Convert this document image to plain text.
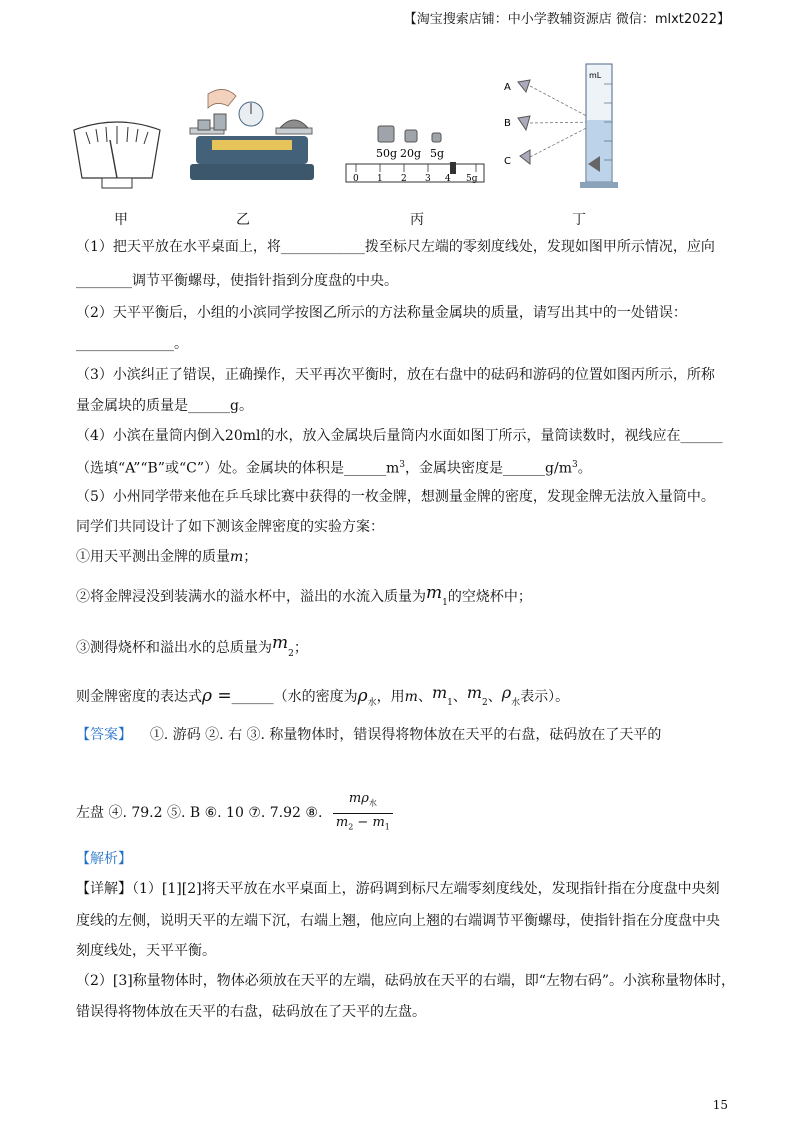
【淘宝搜索店铺：中小学教辅资源店 微信：mlxt2022】
50g 20g 5g
0 1 2 3 4 5g
A
B
C
mL
甲	乙	丙	丁
（1）把天平放在水平桌面上，将____________拨至标尺左端的零刻度线处，发现如图甲所示情况，应向
________调节平衡螺母，使指针指到分度盘的中央。
（2）天平平衡后，小组的小滨同学按图乙所示的方法称量金属块的质量，请写出其中的一处错误：
______________。
（3）小滨纠正了错误，正确操作，天平再次平衡时，放在右盘中的砝码和游码的位置如图丙所示，所称
量金属块的质量是______g。
（4）小滨在量筒内倒入20ml的水，放入金属块后量筒内水面如图丁所示，量筒读数时，视线应在______
（选填“A”“B”或“C”）处。金属块的体积是$\_\_\_\_\_\_m^3$，金属块密度是$\_\_\_\_\_\_g/m^3$。
（5）小州同学带来他在乒乓球比赛中获得的一枚金牌，想测量金牌的密度，发现金牌无法放入量筒中。
同学们共同设计了如下测该金牌密度的实验方案：
①用天平测出金牌的质量m；
②将金牌浸没到装满水的溢水杯中，溢出的水流入质量为$m_1$的空烧杯中；
③测得烧杯和溢出水的总质量为$m_2$；
则金牌密度的表达式ρ =______（水的密度为$\rho_水$，用m、$m_1$、$m_2$、$\rho_水$表示）。
【答案】 ①. 游码 ②. 右 ③. 称量物体时，错误得将物体放在天平的右盘，砝码放在了天平的
左盘 ④. 79.2 ⑤. B ⑥. 10 ⑦. 7.92 ⑧. $\frac{m\rho_水}{m_2 - m_1}$
【解析】
【详解】（1）[1][2]将天平放在水平桌面上，游码调到标尺左端零刻度线处，发现指针指在分度盘中央刻
度线的左侧，说明天平的左端下沉，右端上翘，他应向上翘的右端调节平衡螺母，使指针指在分度盘中央
刻度线处，天平平衡。
（2）[3]称量物体时，物体必须放在天平的左端，砝码放在天平的右端，即“左物右码”。小滨称量物体时，
错误得将物体放在天平的右盘，砝码放在了天平的左盘。
15
